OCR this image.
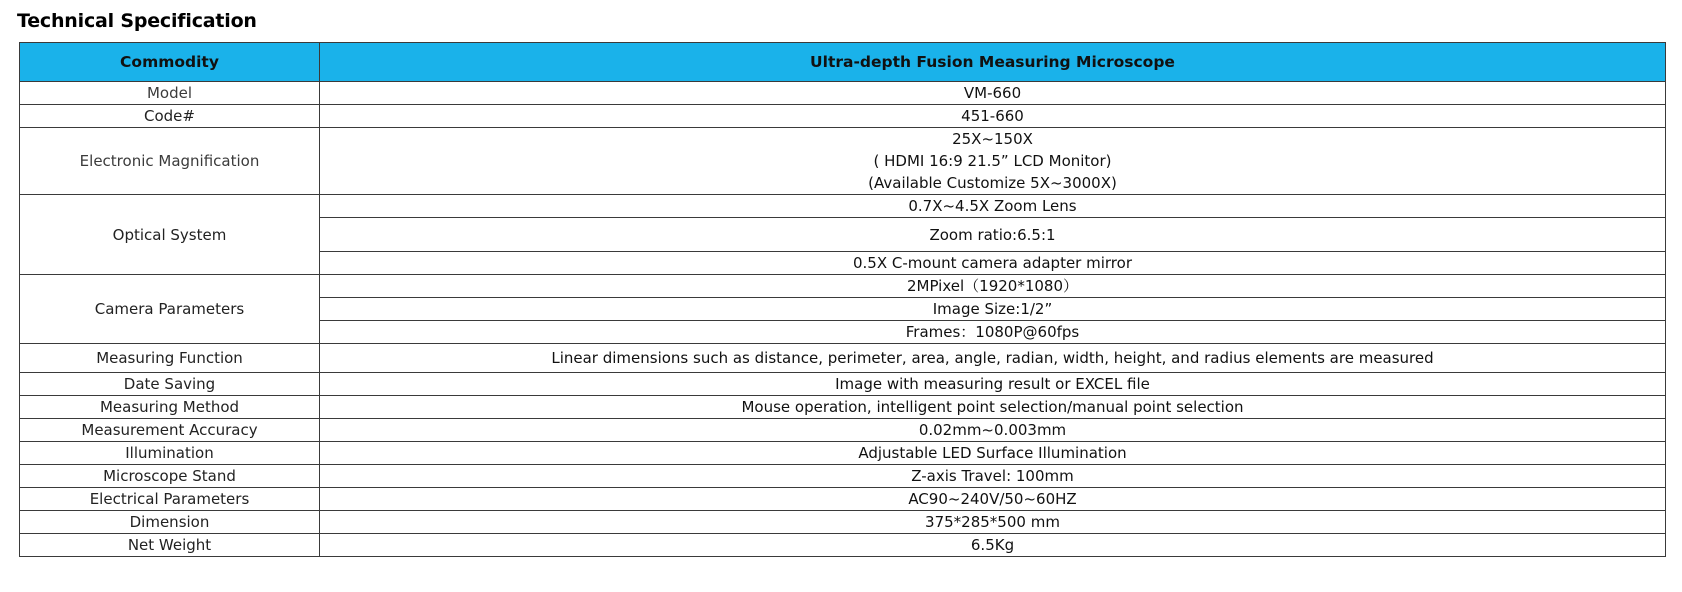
Technical Specification
Commodity	Ultra-depth Fusion Measuring Microscope
Model	VM-660
Code#	451-660
Electronic Magnification	25X~150X
( HDMI 16:9 21.5” LCD Monitor)
(Available Customize 5X~3000X)

Optical System	0.7X~4.5X Zoom Lens
	Zoom ratio:6.5:1
	0.5X C-mount camera adapter mirror
Camera Parameters	2MPixel（1920*1080）
	Image Size:1/2”
	Frames：1080P@60fps
Measuring Function	Linear dimensions such as distance, perimeter, area, angle, radian, width, height, and radius elements are measured
Date Saving	Image with measuring result or EXCEL file
Measuring Method	Mouse operation, intelligent point selection/manual point selection
Measurement Accuracy	0.02mm~0.003mm
Illumination	Adjustable LED Surface Illumination
Microscope Stand	Z-axis Travel: 100mm
Electrical Parameters	AC90~240V/50~60HZ
Dimension	375*285*500 mm
Net Weight	6.5Kg
